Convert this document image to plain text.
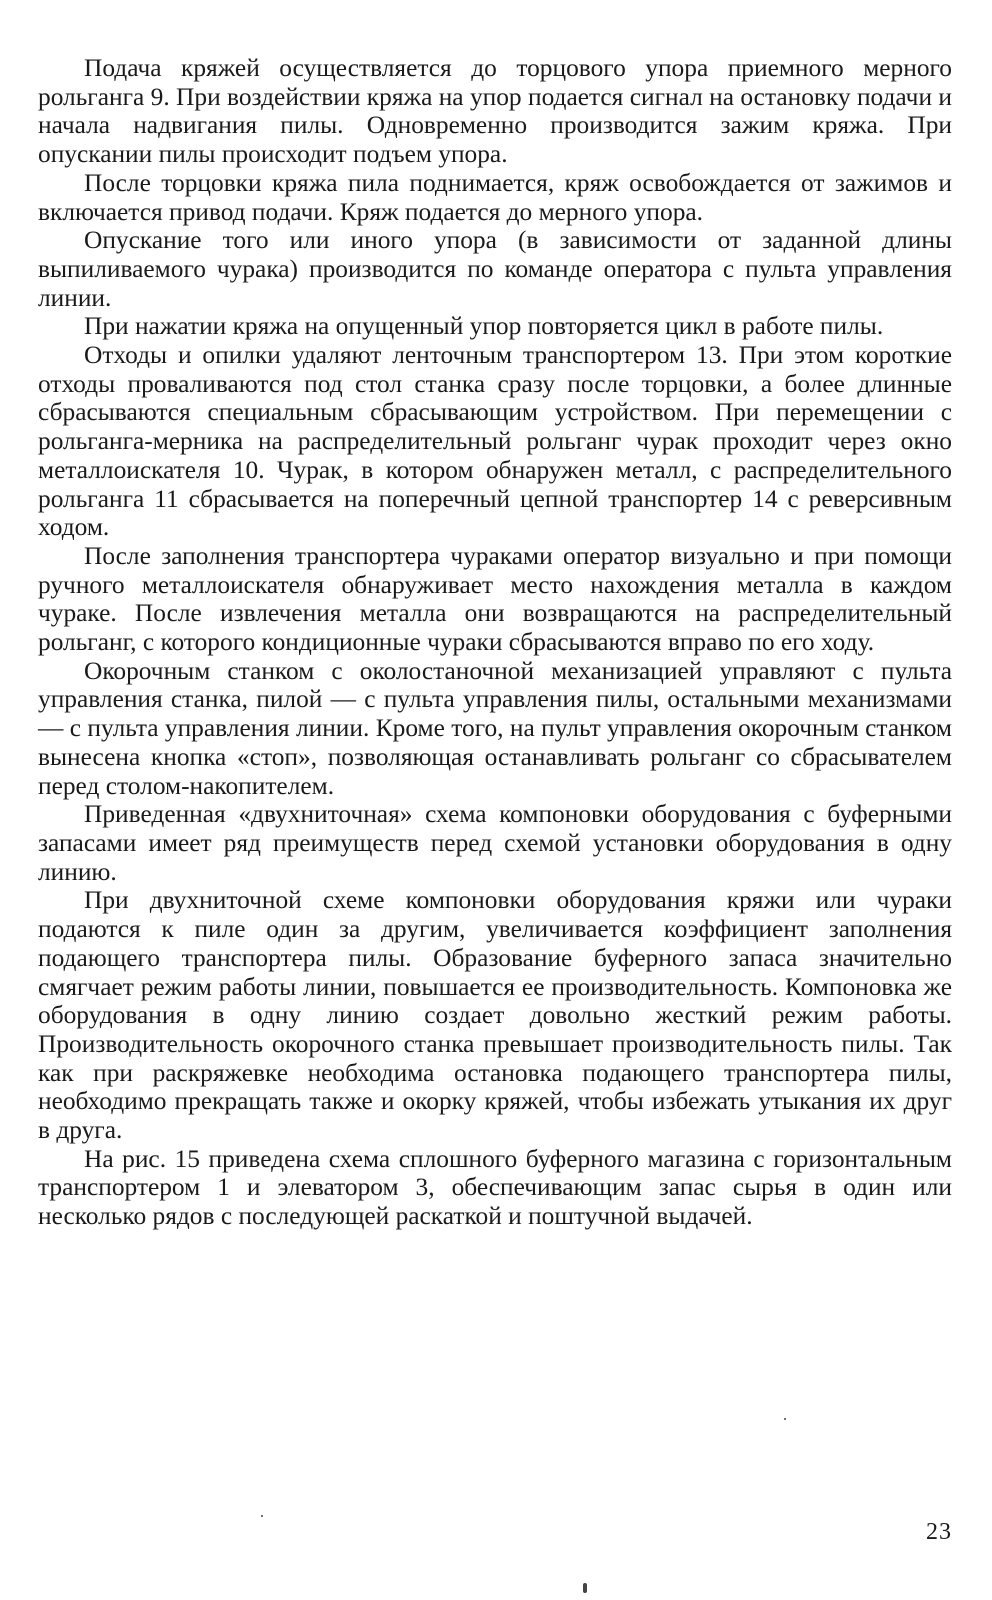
Подача кряжей осуществляется до торцового упора приемного мерного рольганга 9. При воздействии кряжа на упор подается сигнал на остановку подачи и начала надвигания пилы. Одновременно производится зажим кряжа. При опускании пилы происходит подъем упора.

После торцовки кряжа пила поднимается, кряж освобождается от зажимов и включается привод подачи. Кряж подается до мерного упора.

Опускание того или иного упора (в зависимости от заданной длины выпиливаемого чурака) производится по команде оператора с пульта управления линии.

При нажатии кряжа на опущенный упор повторяется цикл в работе пилы.

Отходы и опилки удаляют ленточным транспортером 13. При этом короткие отходы проваливаются под стол станка сразу после торцовки, а более длинные сбрасываются специальным сбрасывающим устройством. При перемещении с рольганга-мерника на распределительный рольганг чурак проходит через окно металлоискателя 10. Чурак, в котором обнаружен металл, с распределительного рольганга 11 сбрасывается на поперечный цепной транспортер 14 с реверсивным ходом.

После заполнения транспортера чураками оператор визуально и при помощи ручного металлоискателя обнаруживает место нахождения металла в каждом чураке. После извлечения металла они возвращаются на распределительный рольганг, с которого кондиционные чураки сбрасываются вправо по его ходу.

Окорочным станком с околостаночной механизацией управляют с пульта управления станка, пилой — с пульта управления пилы, остальными механизмами — с пульта управления линии. Кроме того, на пульт управления окорочным станком вынесена кнопка «стоп», позволяющая останавливать рольганг со сбрасывателем перед столом-накопителем.

Приведенная «двухниточная» схема компоновки оборудования с буферными запасами имеет ряд преимуществ перед схемой установки оборудования в одну линию.

При двухниточной схеме компоновки оборудования кряжи или чураки подаются к пиле один за другим, увеличивается коэффициент заполнения подающего транспортера пилы. Образование буферного запаса значительно смягчает режим работы линии, повышается ее производительность. Компоновка же оборудования в одну линию создает довольно жесткий режим работы. Производительность окорочного станка превышает производительность пилы. Так как при раскряжевке необходима остановка подающего транспортера пилы, необходимо прекращать также и окорку кряжей, чтобы избежать утыкания их друг в друга.

На рис. 15 приведена схема сплошного буферного магазина с горизонтальным транспортером 1 и элеватором 3, обеспечивающим запас сырья в один или несколько рядов с последующей раскаткой и поштучной выдачей.

23
